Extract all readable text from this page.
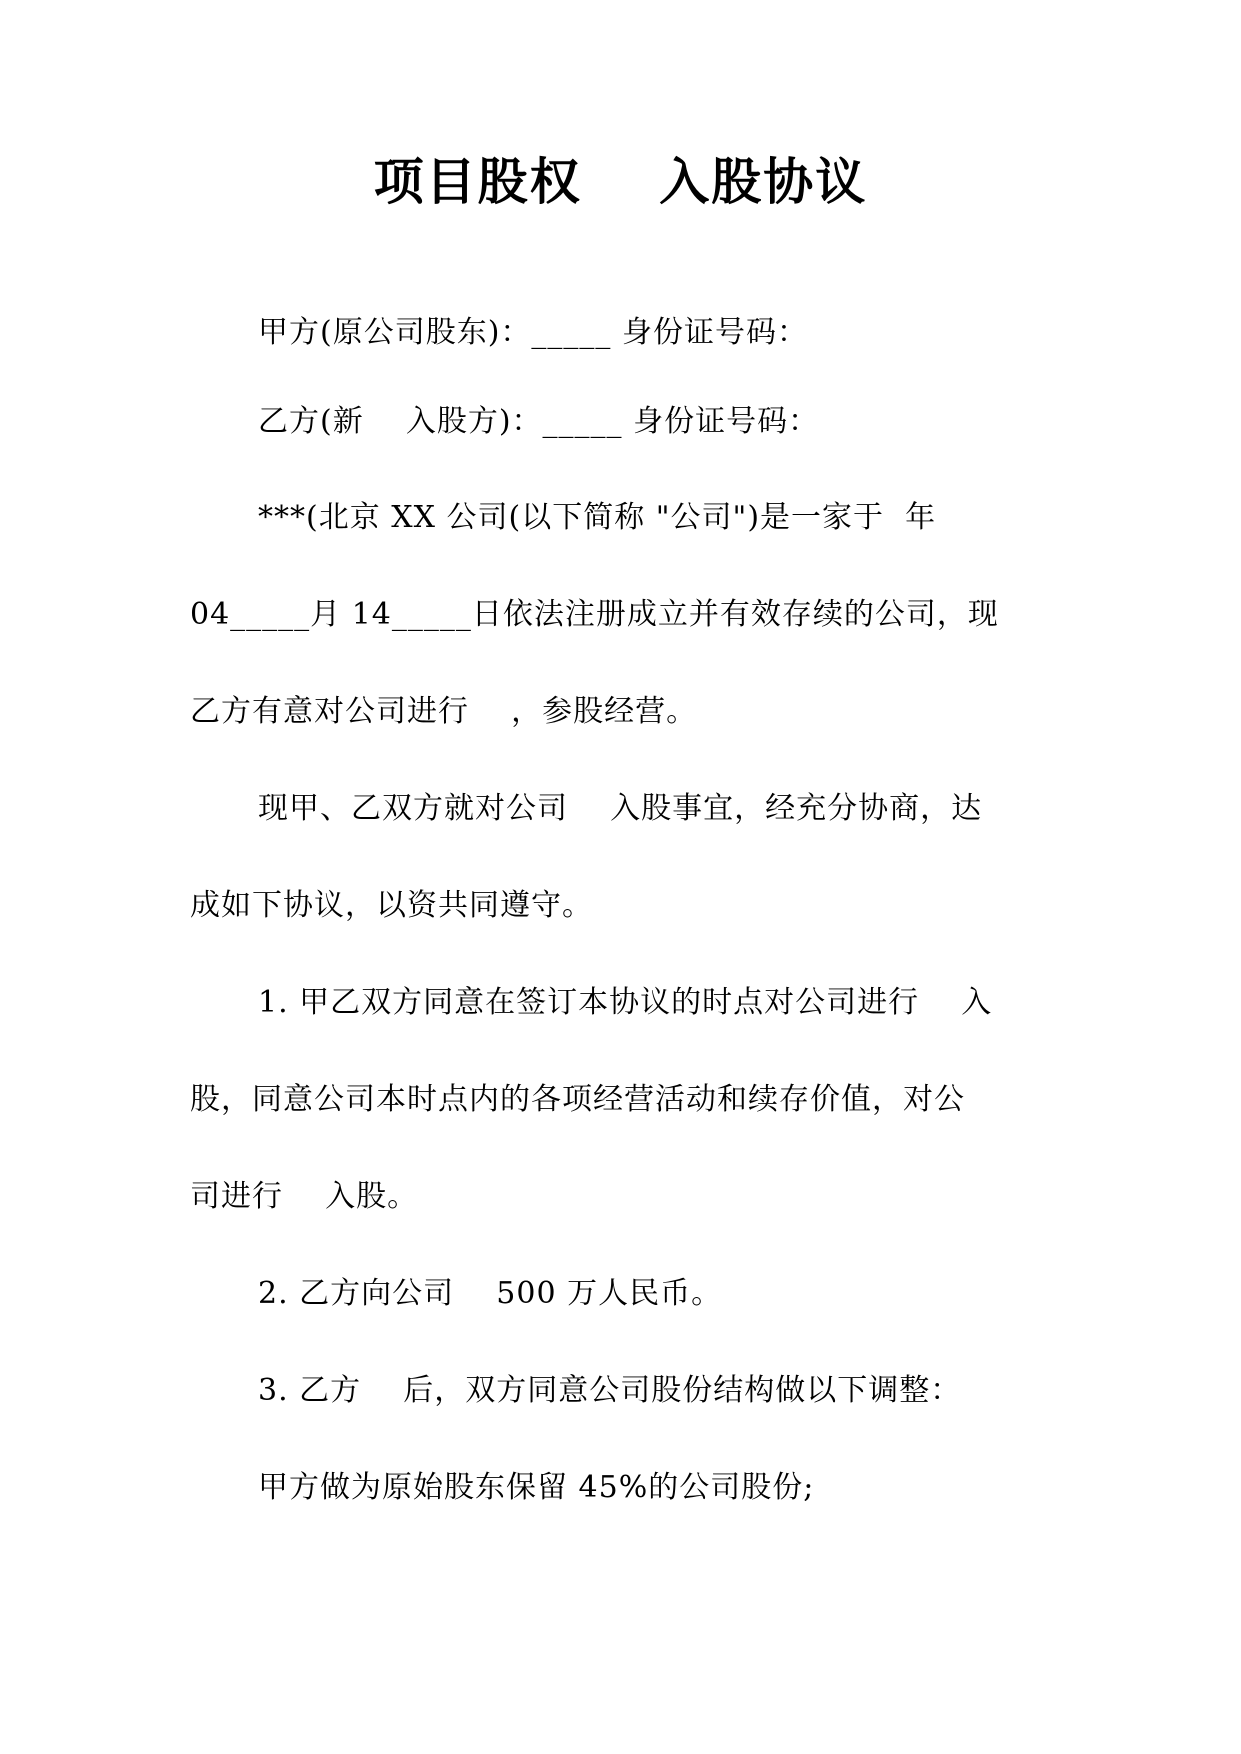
项目股权    入股协议
甲方(原公司股东)：_____ 身份证号码：
乙方(新    入股方)：_____ 身份证号码：
***(北京 XX 公司(以下简称 "公司")是一家于  年
04_____月 14_____日依法注册成立并有效存续的公司，现
乙方有意对公司进行    ，参股经营。
现甲、乙双方就对公司    入股事宜，经充分协商，达
成如下协议，以资共同遵守。
1. 甲乙双方同意在签订本协议的时点对公司进行    入
股，同意公司本时点内的各项经营活动和续存价值，对公
司进行    入股。
2. 乙方向公司    500 万人民币。
3. 乙方    后，双方同意公司股份结构做以下调整：
甲方做为原始股东保留 45%的公司股份;
